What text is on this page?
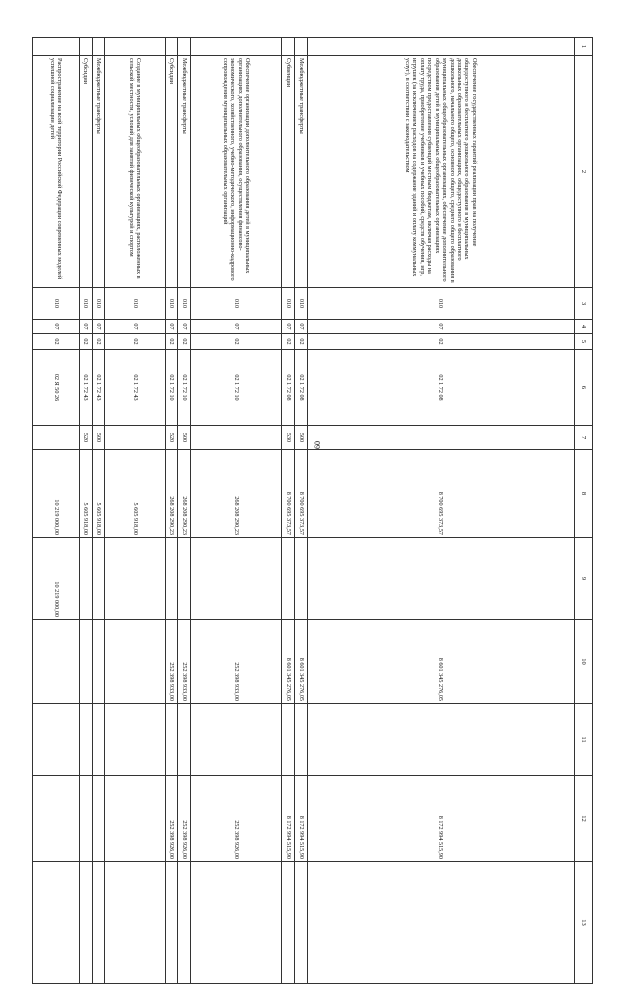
60
1	2	3	4	5	6	7	8	9	10	11	12	13
	Обеспечение государственных гарантий реализации прав на получение общедоступного и бесплатного дошкольного образования в муниципальных дошкольных образовательных организациях, общедоступного и бесплатного дошкольного, начального общего, основного общего, среднего общего образования в муниципальных общеобразовательных организациях, обеспечение дополнительного образования детей в муниципальных общеобразовательных организациях посредством предоставления субвенций местным бюджетам, включая расходы на оплату труда, приобретение учебников и учебных пособий, средств обучения, игр, игрушек (за исключением расходов на содержание зданий и оплату коммунальных услуг), в соответствии с законодательством	010	07	02	02 1 72 08		8 700 695 373,57		8 601 345 276,05		8 172 994 515,90	
	Межбюджетные трансферты	010	07	02	02 1 72 08	500	8 700 695 373,57		8 601 345 276,05		8 172 994 515,90	
	Субвенции	010	07	02	02 1 72 08	530	8 700 695 373,57		8 601 345 276,05		8 172 994 515,90	
	Обеспечение организации дополнительного образования детей в муниципальных организациях дополнительного образования, осуществления финансово-экономического, хозяйственного, учебно-методического, информационно-кадрового сопровождения муниципальных образовательных организаций	010	07	02	02 1 72 10		268 208 290,23		252 398 933,00		252 398 926,00	
	Межбюджетные трансферты	010	07	02	02 1 72 10	500	268 208 290,23		252 398 933,00		252 398 926,00	
	Субсидии	010	07	02	02 1 72 10	520	268 208 290,23		252 398 933,00		252 398 926,00	
	Создание в муниципальных общеобразовательных организациях, расположенных в сельской местности, условий для занятий физической культурой и спортом	010	07	02	02 1 72 43		5 605 918,00					
	Межбюджетные трансферты	010	07	02	02 1 72 43	500	5 605 918,00					
	Субсидии	010	07	02	02 1 72 43	520	5 605 918,00					
	Распространение на всей территории Российской Федерации современных моделей успешной социализации детей	010	07	02	02 Я 50 26		10 219 000,00	10 219 000,00				
